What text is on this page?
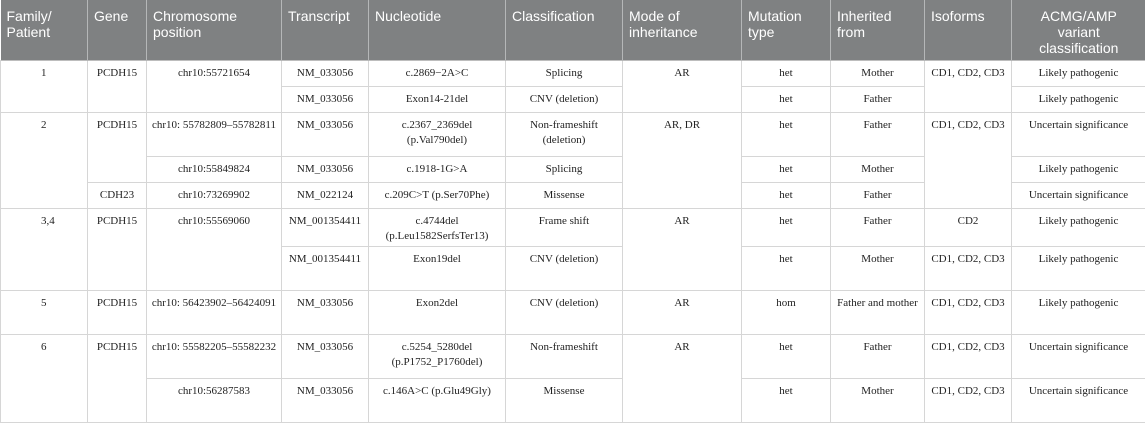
Family/ Patient	Gene	Chromosome position	Transcript	Nucleotide	Classification	Mode of inheritance	Mutation type	Inherited from	Isoforms	ACMG/AMP variant classification
1	PCDH15	chr10:55721654	NM_033056	c.2869−2A>C	Splicing	AR	het	Mother	CD1, CD2, CD3	Likely pathogenic
			NM_033056	Exon14-21del	CNV (deletion)		het	Father		Likely pathogenic
2	PCDH15	chr10: 55782809–55782811	NM_033056	c.2367_2369del (p.Val790del)	Non-frameshift (deletion)	AR, DR	het	Father	CD1, CD2, CD3	Uncertain significance
		chr10:55849824	NM_033056	c.1918-1G>A	Splicing		het	Mother		Likely pathogenic
	CDH23	chr10:73269902	NM_022124	c.209C>T (p.Ser70Phe)	Missense		het	Father		Uncertain significance
3,4	PCDH15	chr10:55569060	NM_001354411	c.4744del (p.Leu1582SerfsTer13)	Frame shift	AR	het	Father	CD2	Likely pathogenic
			NM_001354411	Exon19del	CNV (deletion)		het	Mother	CD1, CD2, CD3	Likely pathogenic
5	PCDH15	chr10: 56423902–56424091	NM_033056	Exon2del	CNV (deletion)	AR	hom	Father and mother	CD1, CD2, CD3	Likely pathogenic
6	PCDH15	chr10: 55582205–55582232	NM_033056	c.5254_5280del (p.P1752_P1760del)	Non-frameshift	AR	het	Father	CD1, CD2, CD3	Uncertain significance
		chr10:56287583	NM_033056	c.146A>C (p.Glu49Gly)	Missense		het	Mother	CD1, CD2, CD3	Uncertain significance
